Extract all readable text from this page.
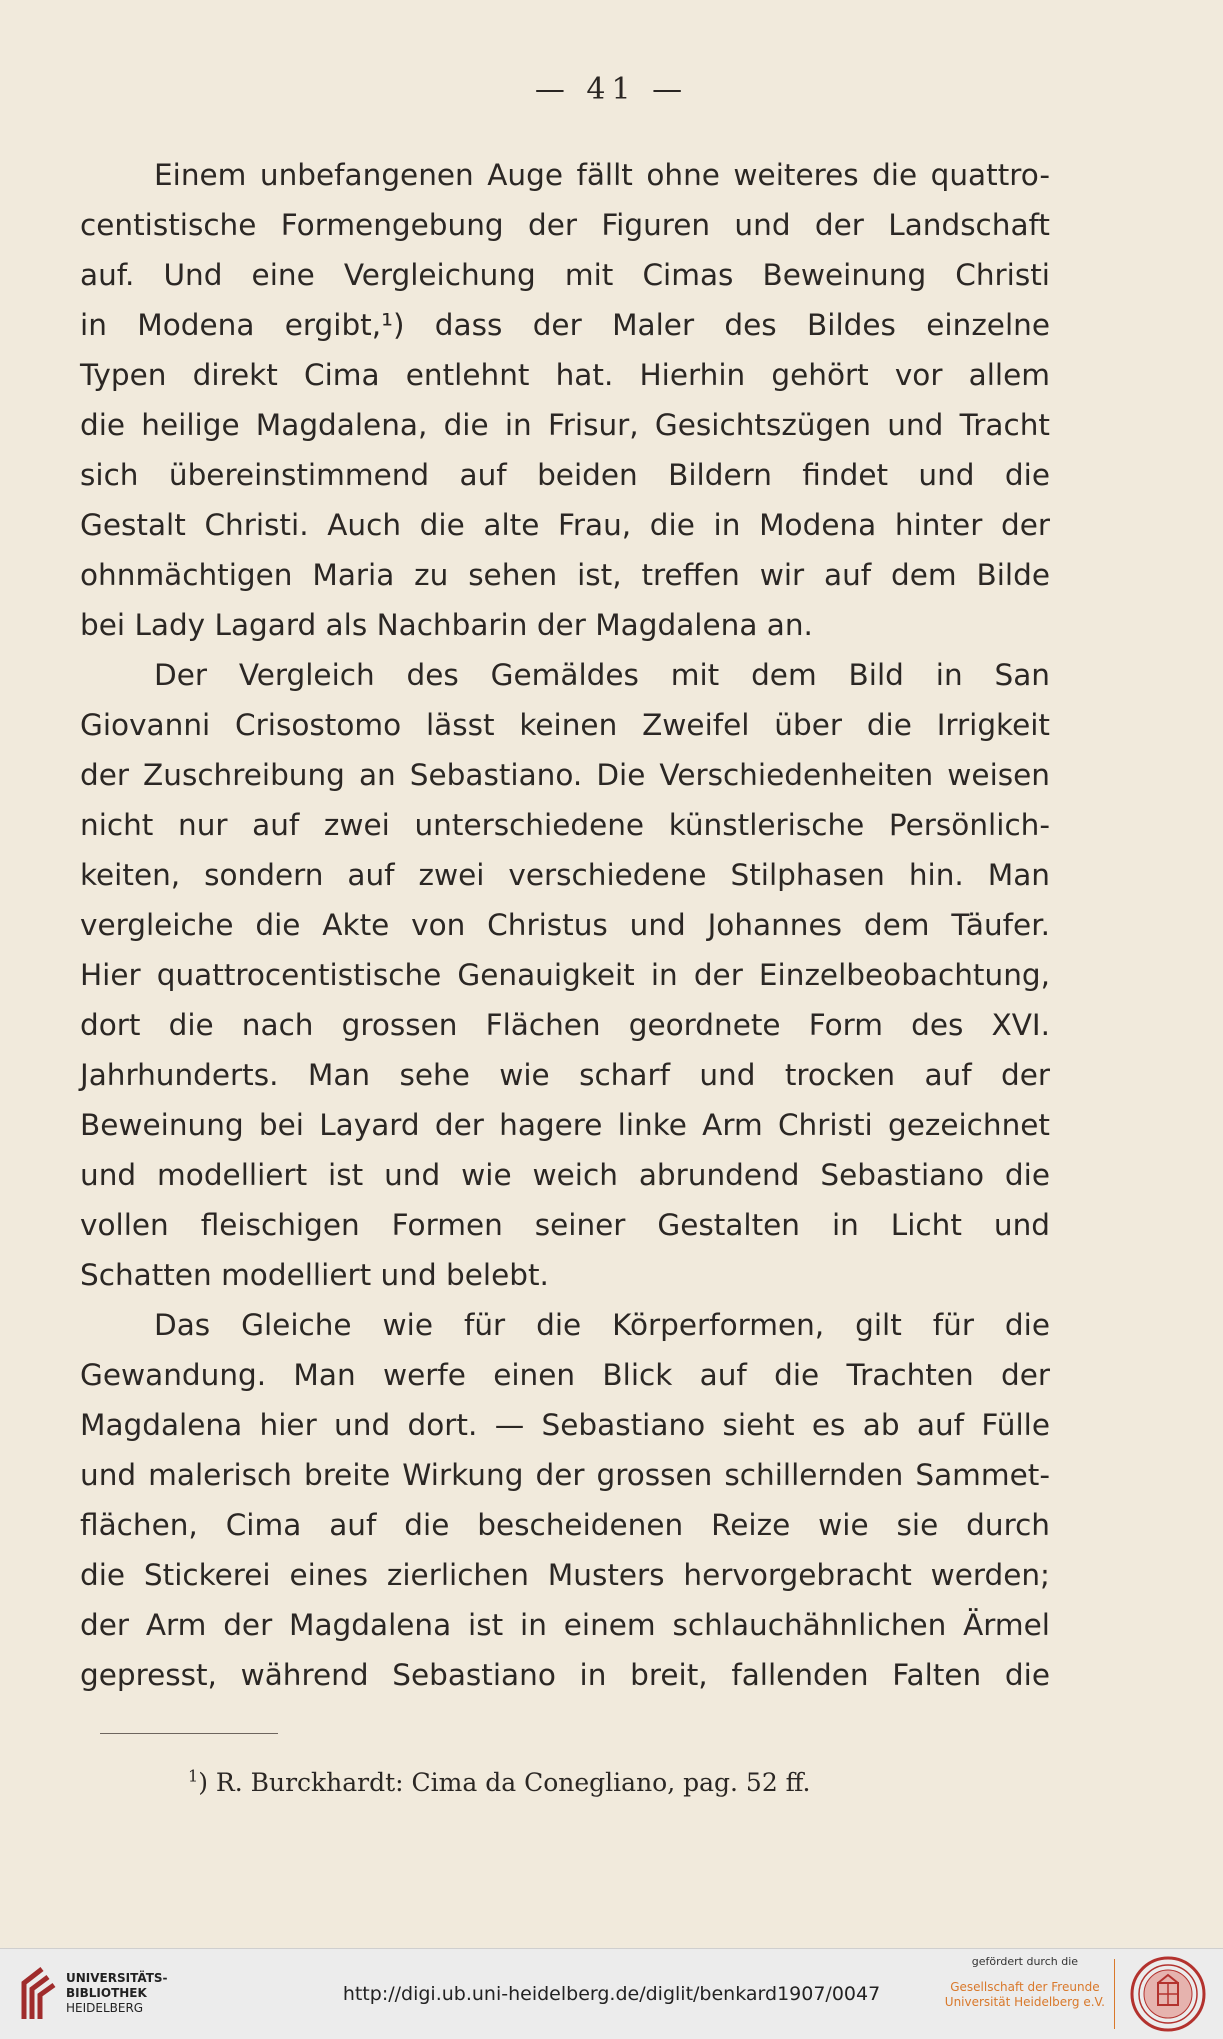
— 41 —
Einem unbefangenen Auge fällt ohne weiteres die quattro-
centistische Formengebung der Figuren und der Landschaft
auf. Und eine Vergleichung mit Cimas Beweinung Christi
in Modena ergibt,¹) dass der Maler des Bildes einzelne
Typen direkt Cima entlehnt hat. Hierhin gehört vor allem
die heilige Magdalena, die in Frisur, Gesichtszügen und Tracht
sich übereinstimmend auf beiden Bildern findet und die
Gestalt Christi. Auch die alte Frau, die in Modena hinter der
ohnmächtigen Maria zu sehen ist, treffen wir auf dem Bilde
bei Lady Lagard als Nachbarin der Magdalena an.
Der Vergleich des Gemäldes mit dem Bild in San
Giovanni Crisostomo lässt keinen Zweifel über die Irrigkeit
der Zuschreibung an Sebastiano. Die Verschiedenheiten weisen
nicht nur auf zwei unterschiedene künstlerische Persönlich-
keiten, sondern auf zwei verschiedene Stilphasen hin. Man
vergleiche die Akte von Christus und Johannes dem Täufer.
Hier quattrocentistische Genauigkeit in der Einzelbeobachtung,
dort die nach grossen Flächen geordnete Form des XVI.
Jahrhunderts. Man sehe wie scharf und trocken auf der
Beweinung bei Layard der hagere linke Arm Christi gezeichnet
und modelliert ist und wie weich abrundend Sebastiano die
vollen fleischigen Formen seiner Gestalten in Licht und
Schatten modelliert und belebt.
Das Gleiche wie für die Körperformen, gilt für die
Gewandung. Man werfe einen Blick auf die Trachten der
Magdalena hier und dort. — Sebastiano sieht es ab auf Fülle
und malerisch breite Wirkung der grossen schillernden Sammet-
flächen, Cima auf die bescheidenen Reize wie sie durch
die Stickerei eines zierlichen Musters hervorgebracht werden;
der Arm der Magdalena ist in einem schlauchähnlichen Ärmel
gepresst, während Sebastiano in breit, fallenden Falten die
$^1$) R. Burckhardt: Cima da Conegliano, pag. 52 ff.
UNIVERSITÄTS-
BIBLIOTHEK
HEIDELBERG
http://digi.ub.uni-heidelberg.de/diglit/benkard1907/0047
gefördert durch die
Gesellschaft der Freunde
Universität Heidelberg e.V.
